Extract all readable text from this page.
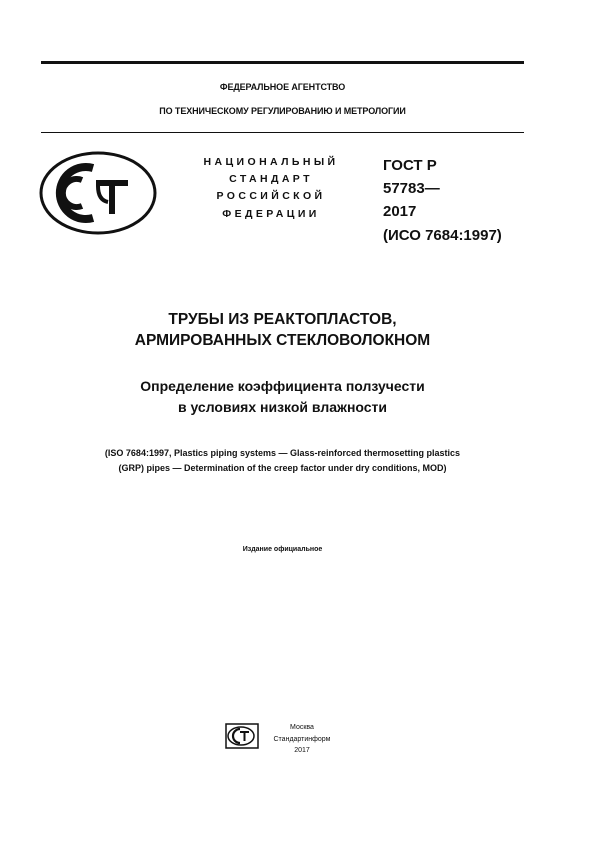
ФЕДЕРАЛЬНОЕ АГЕНТСТВО
ПО ТЕХНИЧЕСКОМУ РЕГУЛИРОВАНИЮ И МЕТРОЛОГИИ
НАЦИОНАЛЬНЫЙ
СТАНДАРТ
РОССИЙСКОЙ
ФЕДЕРАЦИИ
ГОСТ Р
57783—
2017
(ИСО 7684:1997)
ТРУБЫ ИЗ РЕАКТОПЛАСТОВ,
АРМИРОВАННЫХ СТЕКЛОВОЛОКНОМ
Определение коэффициента ползучести
в условиях низкой влажности
(ISO 7684:1997, Plastics piping systems — Glass-reinforced thermosetting plastics
(GRP) pipes — Determination of the creep factor under dry conditions, MOD)
Издание официальное
Москва
Стандартинформ
2017
